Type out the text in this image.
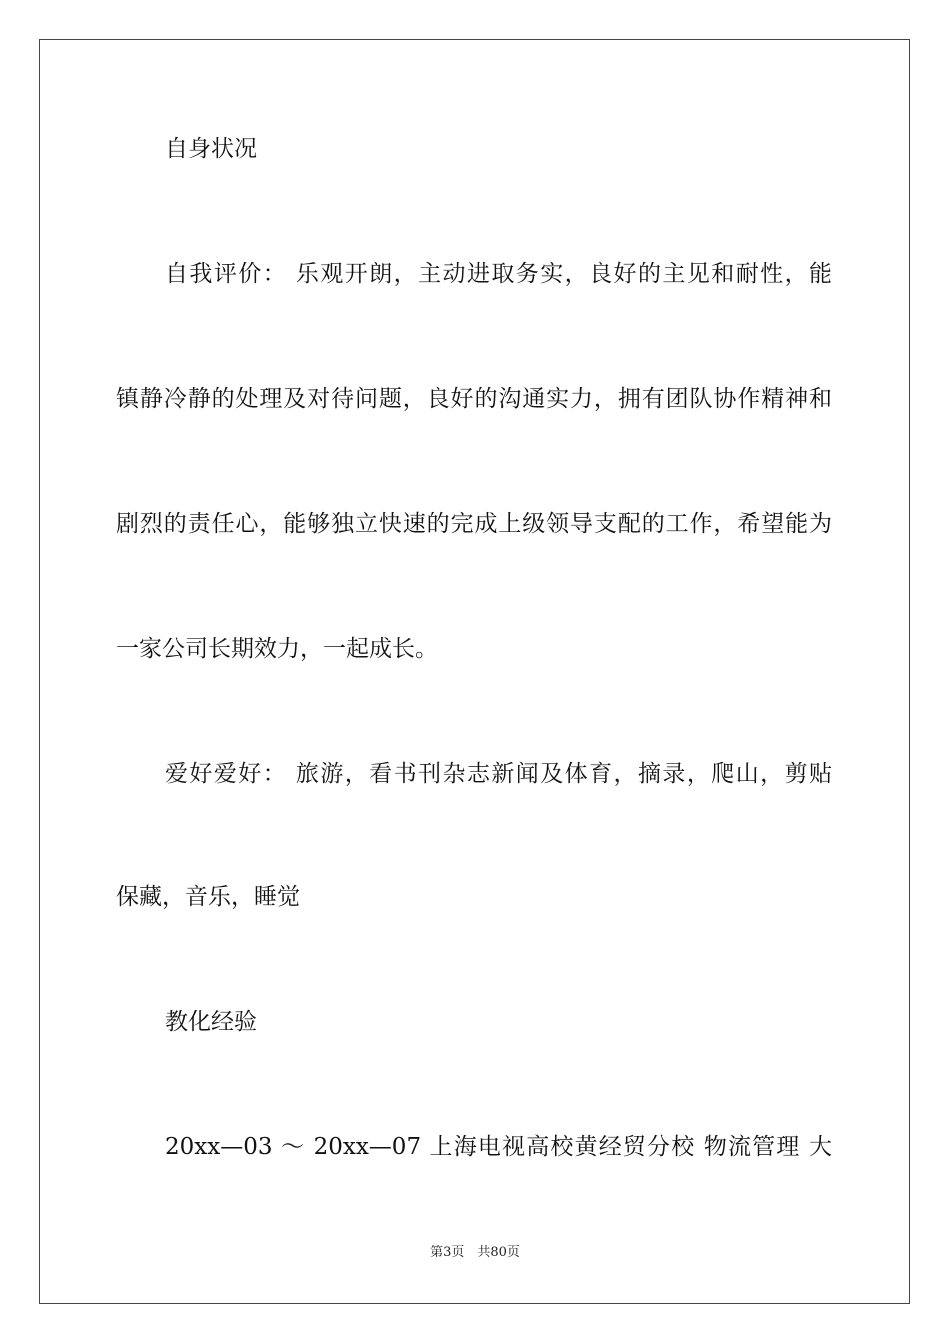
自身状况
自我评价： 乐观开朗，主动进取务实，良好的主见和耐性，能
镇静冷静的处理及对待问题，良好的沟通实力，拥有团队协作精神和
剧烈的责任心，能够独立快速的完成上级领导支配的工作，希望能为
一家公司长期效力，一起成长。
爱好爱好： 旅游，看书刊杂志新闻及体育，摘录，爬山，剪贴
保藏，音乐，睡觉
教化经验
20xx—03 ～ 20xx—07 上海电视高校黄经贸分校 物流管理 大
第3页　共80页
